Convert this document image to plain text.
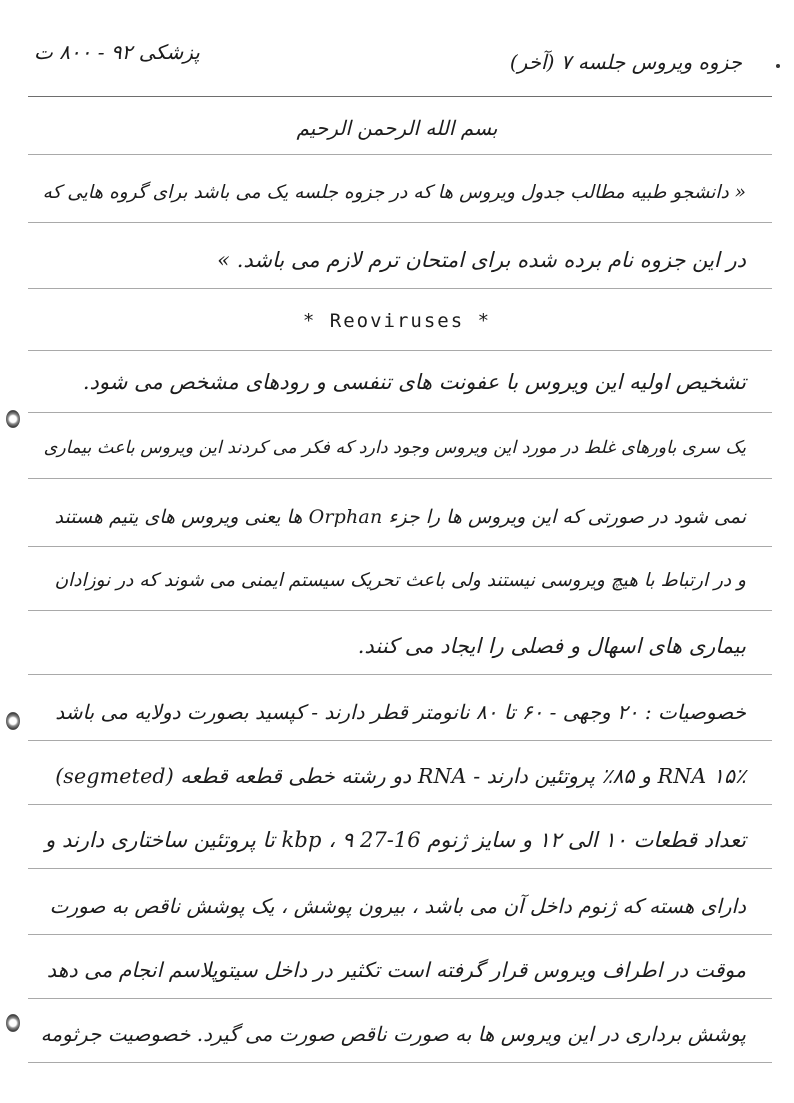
پزشکی ۹۲ - ۸۰۰ ت	جزوه ویروس جلسه ۷ (آخر)
بسم الله الرحمن الرحیم
« دانشجو طبیه مطالب جدول ویروس ها که در جزوه جلسه یک می باشد برای گروه هایی که
در این جزوه نام برده شده برای امتحان ترم لازم می باشد. »
* Reoviruses *
تشخیص اولیه این ویروس با عفونت های تنفسی و رودهای مشخص می شود.
یک سری باورهای غلط در مورد این ویروس وجود دارد که فکر می کردند این ویروس باعث بیماری
نمی شود در صورتی که این ویروس ها را جزء Orphan ها یعنی ویروس های یتیم هستند
و در ارتباط با هیچ ویروسی نیستند ولی باعث تحریک سیستم ایمنی می شوند که در نوزادان
بیماری های اسهال و فصلی را ایجاد می کنند.
خصوصیات : ۲۰ وجهی - ۶۰ تا ۸۰ نانومتر قطر دارند - کپسید بصورت دولایه می باشد
۱۵٪ RNA و ۸۵٪ پروتئین دارند - RNA دو رشته خطی قطعه قطعه (segmeted)
تعداد قطعات ۱۰ الی ۱۲ و سایز ژنوم 16-27 kbp ، ۹ تا پروتئین ساختاری دارند و
دارای هسته که ژنوم داخل آن می باشد ، بیرون پوشش ، یک پوشش ناقص به صورت
موقت در اطراف ویروس قرار گرفته است تکثیر در داخل سیتوپلاسم انجام می دهد
پوشش برداری در این ویروس ها به صورت ناقص صورت می گیرد. خصوصیت جرثومه
